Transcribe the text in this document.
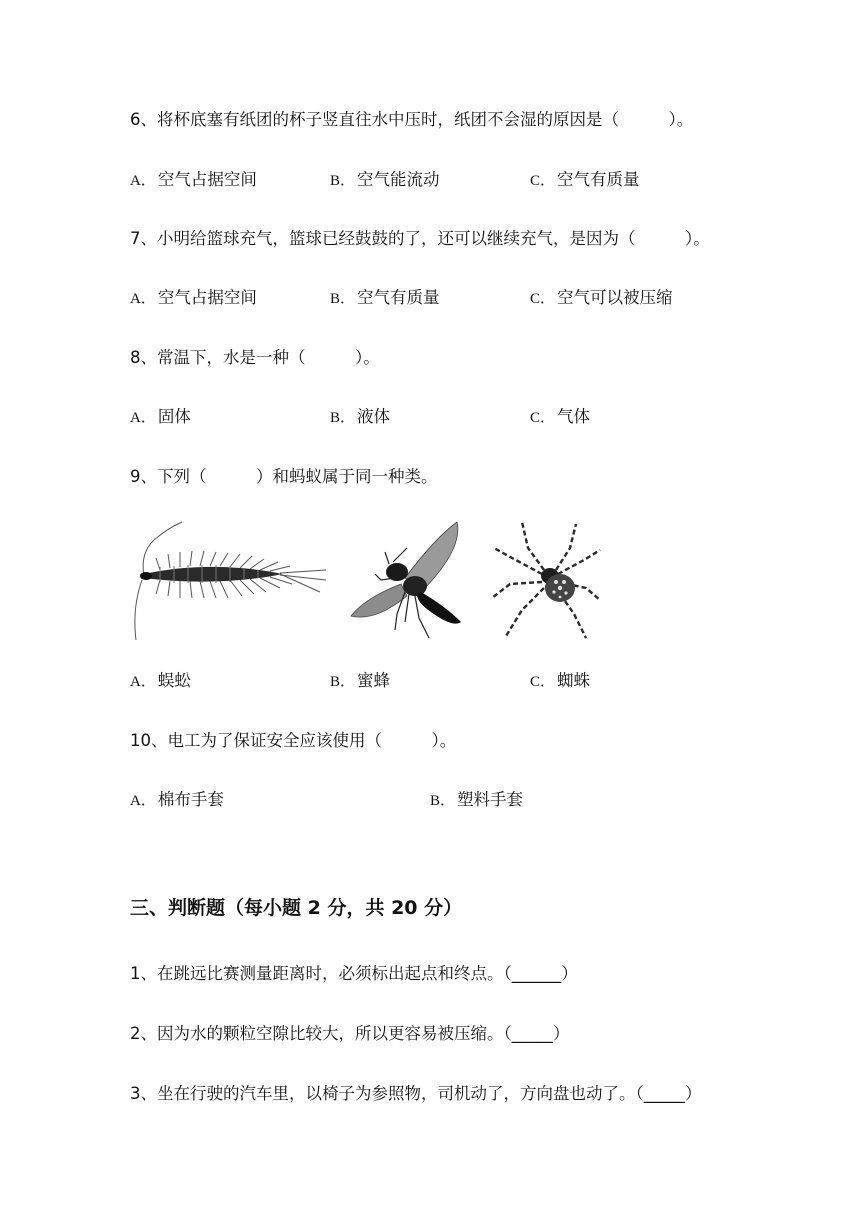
6、将杯底塞有纸团的杯子竖直往水中压时，纸团不会湿的原因是（　　　）。
A． 空气占据空间	B． 空气能流动	C． 空气有质量
7、小明给篮球充气，篮球已经鼓鼓的了，还可以继续充气，是因为（　　　）。
A． 空气占据空间	B． 空气有质量	C． 空气可以被压缩
8、常温下，水是一种（　　　）。
A． 固体	B． 液体	C． 气体
9、下列（　　　）和蚂蚁属于同一种类。
A． 蜈蚣	B． 蜜蜂	C． 蜘蛛
10、电工为了保证安全应该使用（　　　）。
A． 棉布手套	B． 塑料手套
三、判断题（每小题 2 分，共 20 分）
1、在跳远比赛测量距离时，必须标出起点和终点。（______）
2、因为水的颗粒空隙比较大，所以更容易被压缩。（_____）
3、坐在行驶的汽车里，以椅子为参照物，司机动了，方向盘也动了。（_____）
